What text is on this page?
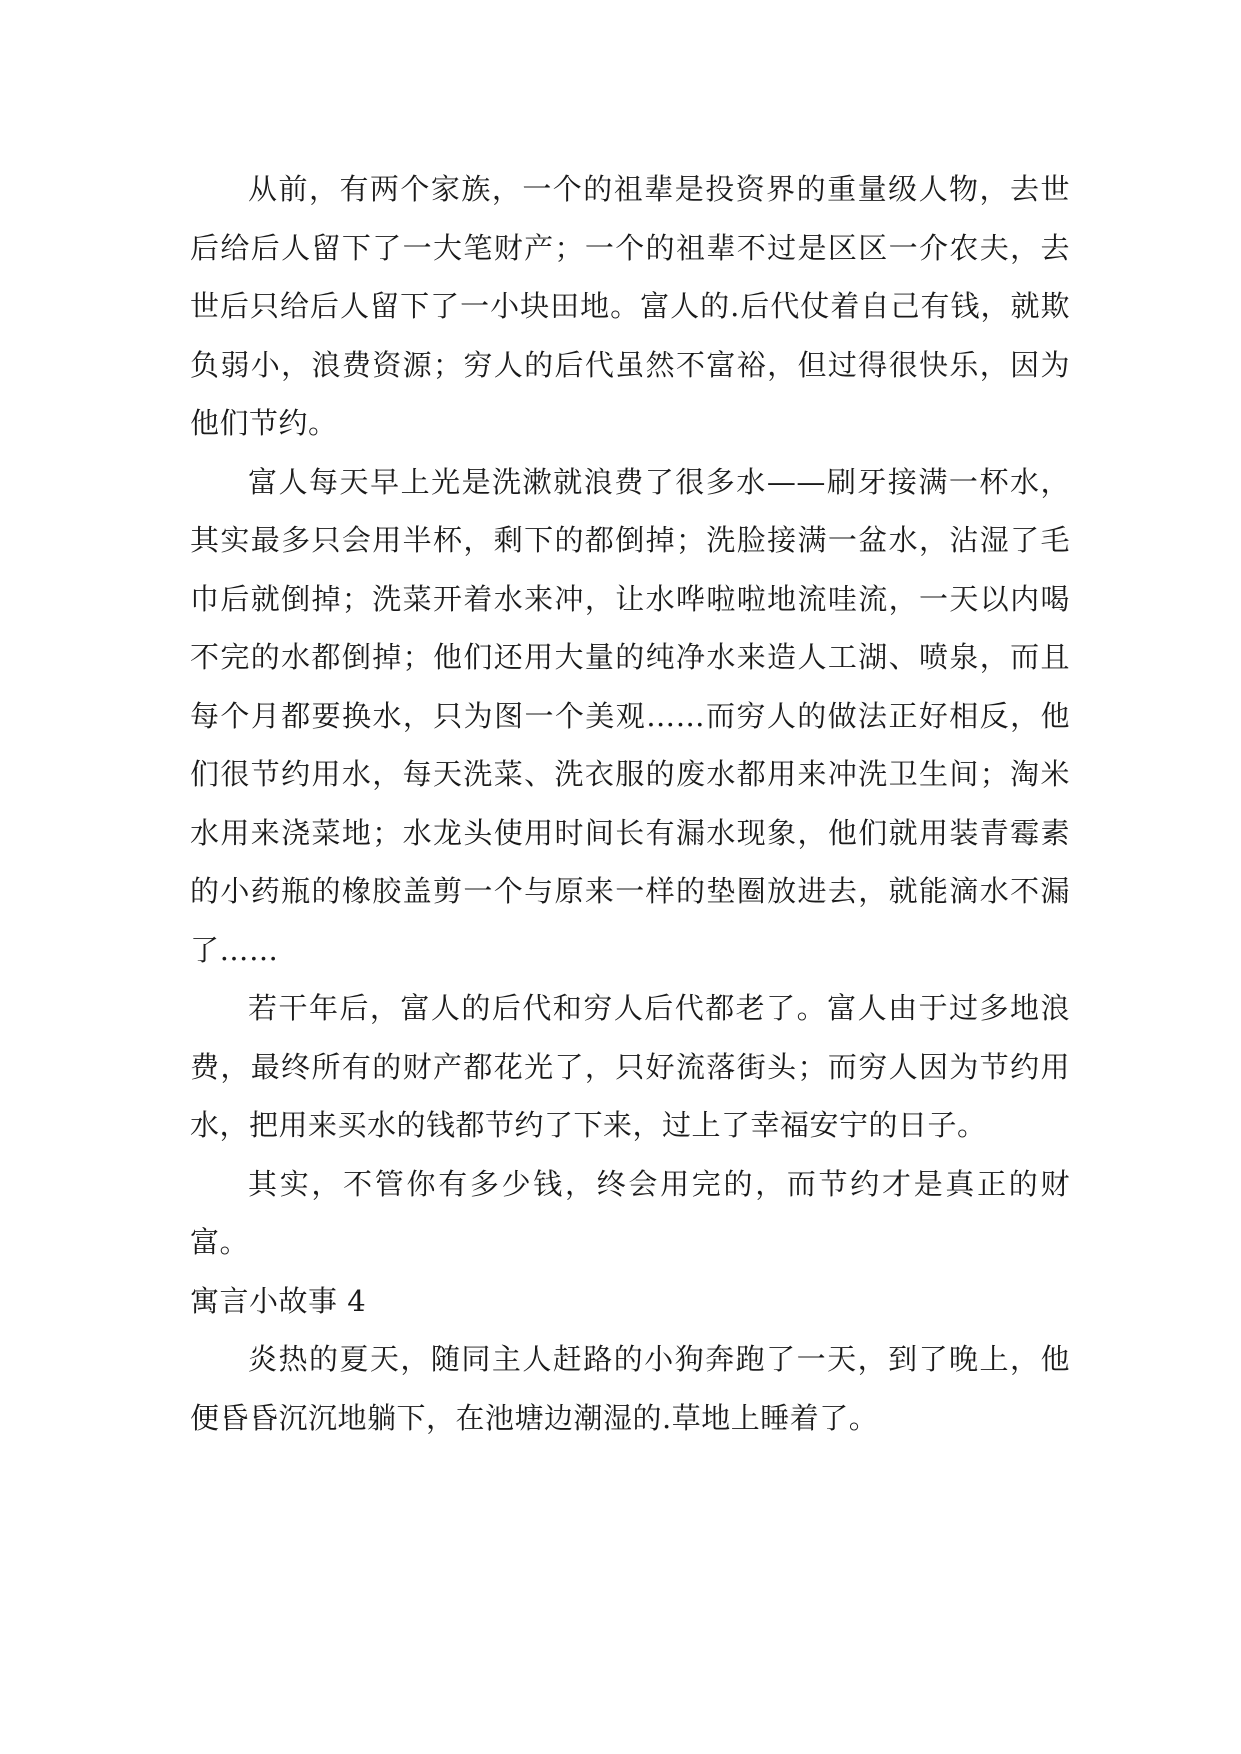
从前，有两个家族，一个的祖辈是投资界的重量级人物，去世后给后人留下了一大笔财产；一个的祖辈不过是区区一介农夫，去世后只给后人留下了一小块田地。富人的.后代仗着自己有钱，就欺负弱小，浪费资源；穷人的后代虽然不富裕，但过得很快乐，因为他们节约。

富人每天早上光是洗漱就浪费了很多水——刷牙接满一杯水，其实最多只会用半杯，剩下的都倒掉；洗脸接满一盆水，沾湿了毛巾后就倒掉；洗菜开着水来冲，让水哗啦啦地流哇流，一天以内喝不完的水都倒掉；他们还用大量的纯净水来造人工湖、喷泉，而且每个月都要换水，只为图一个美观……而穷人的做法正好相反，他们很节约用水，每天洗菜、洗衣服的废水都用来冲洗卫生间；淘米水用来浇菜地；水龙头使用时间长有漏水现象，他们就用装青霉素的小药瓶的橡胶盖剪一个与原来一样的垫圈放进去，就能滴水不漏了……

若干年后，富人的后代和穷人后代都老了。富人由于过多地浪费，最终所有的财产都花光了，只好流落街头；而穷人因为节约用水，把用来买水的钱都节约了下来，过上了幸福安宁的日子。

其实，不管你有多少钱，终会用完的，而节约才是真正的财富。

寓言小故事 4

炎热的夏天，随同主人赶路的小狗奔跑了一天，到了晚上，他便昏昏沉沉地躺下，在池塘边潮湿的.草地上睡着了。
